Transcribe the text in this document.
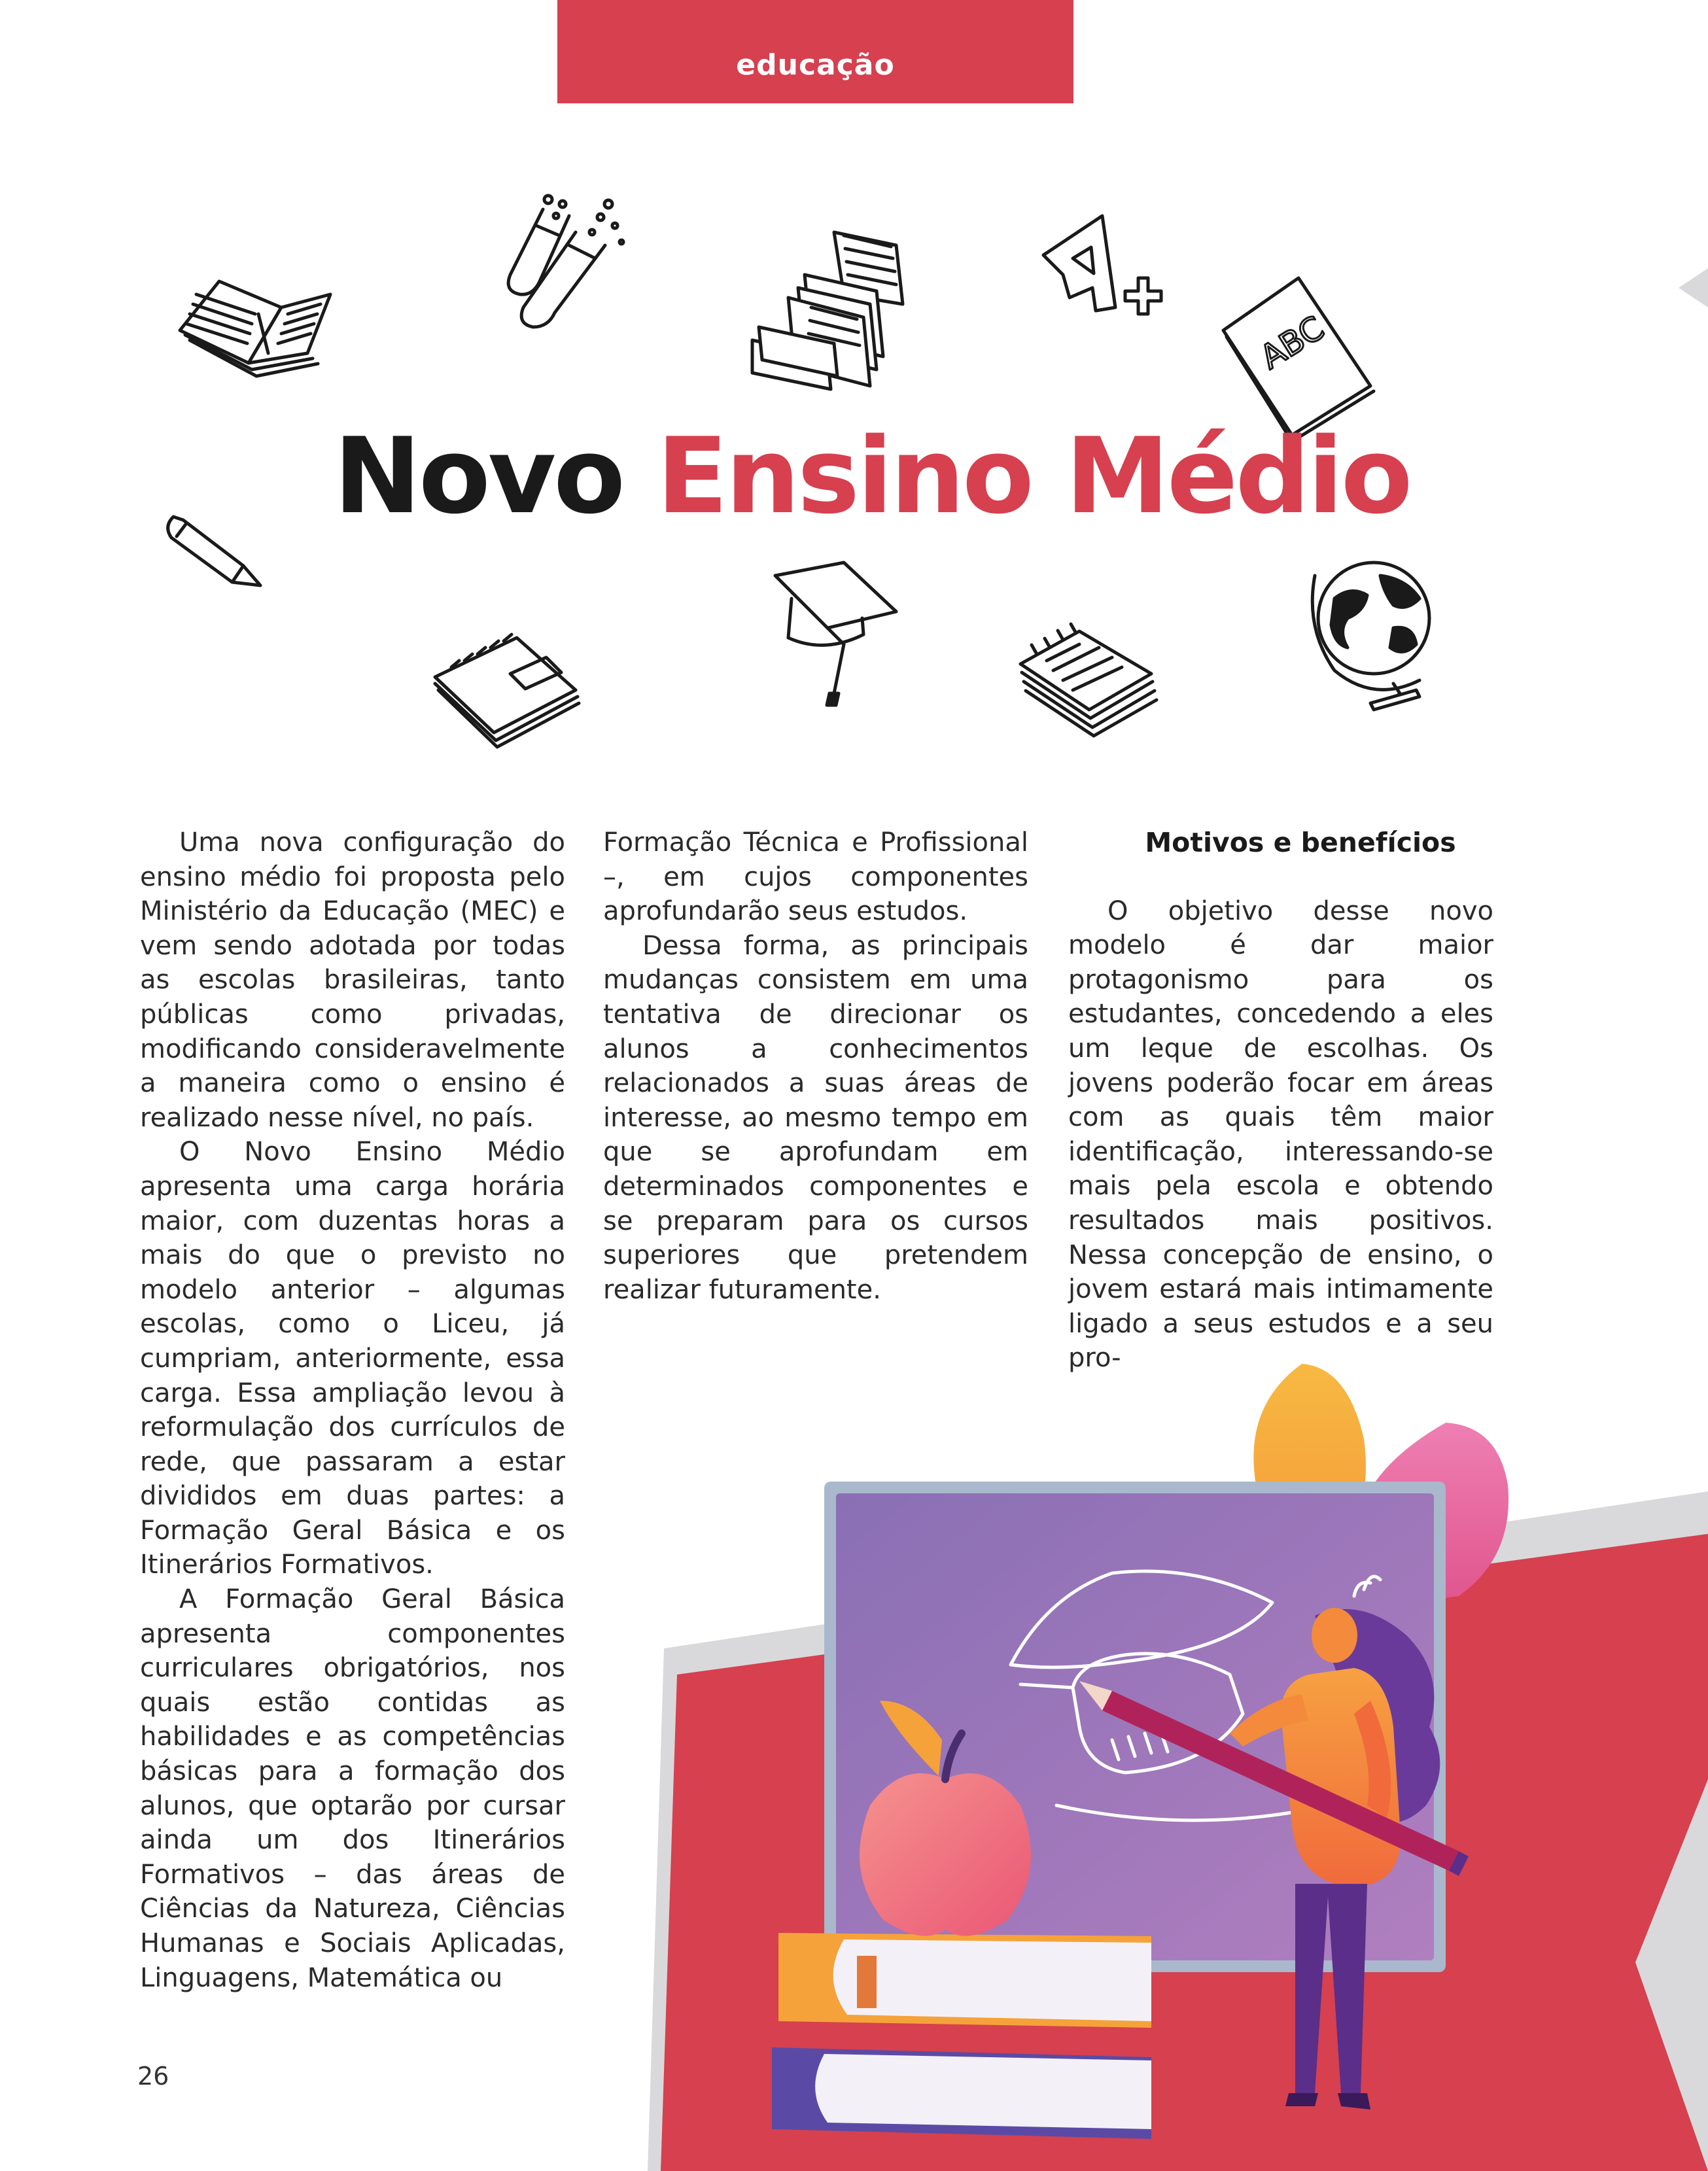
educação
ABC
Novo Ensino Médio

Uma nova configuração do ensino médio foi proposta pelo Ministério da Educação (MEC) e vem sendo adotada por todas as escolas brasileiras, tanto públicas como privadas, modificando consideravelmente a maneira como o ensino é realizado nesse nível, no país.

O Novo Ensino Médio apresenta uma carga horária maior, com duzentas horas a mais do que o previsto no modelo anterior – algumas escolas, como o Liceu, já cumpriam, anteriormente, essa carga. Essa ampliação levou à reformulação dos currículos de rede, que passaram a estar divididos em duas partes: a Formação Geral Básica e os Itinerários Formativos.

A Formação Geral Básica apresenta componentes curriculares obrigatórios, nos quais estão contidas as habilidades e as competências básicas para a formação dos alunos, que optarão por cursar ainda um dos Itinerários Formativos – das áreas de Ciências da Natureza, Ciências Humanas e Sociais Aplicadas, Linguagens, Matemática ou

Formação Técnica e Profissional –, em cujos componentes aprofundarão seus estudos.

Dessa forma, as principais mudanças consistem em uma tentativa de direcionar os alunos a conhecimentos relacionados a suas áreas de interesse, ao mesmo tempo em que se aprofundam em determinados componentes e se preparam para os cursos superiores que pretendem realizar futuramente.

Motivos e benefícios

O objetivo desse novo modelo é dar maior protagonismo para os estudantes, concedendo a eles um leque de escolhas. Os jovens poderão focar em áreas com as quais têm maior identificação, interessando-se mais pela escola e obtendo resultados mais positivos. Nessa concepção de ensino, o jovem estará mais intimamente ligado a seus estudos e a seu pro-

26
